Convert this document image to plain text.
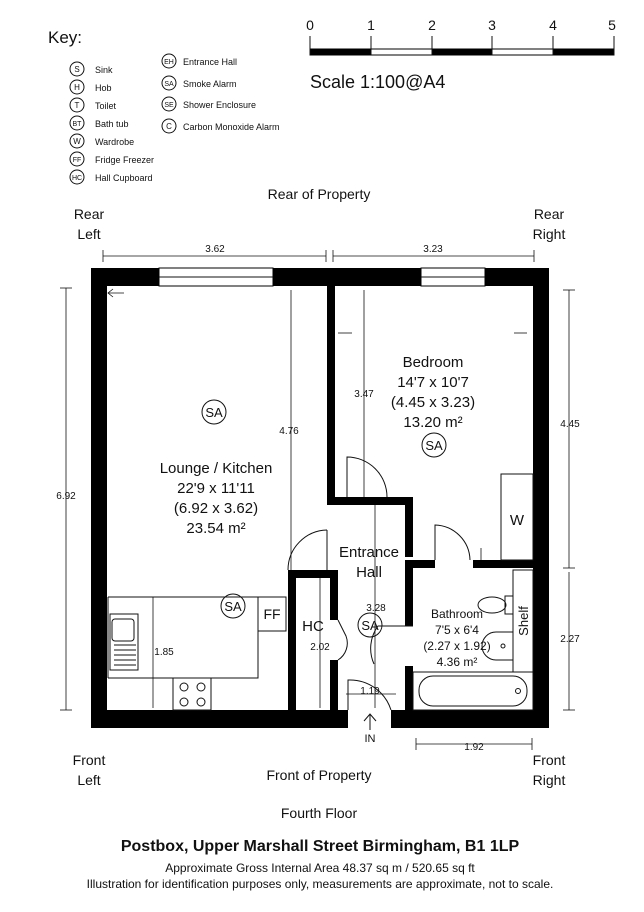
Key:
S Sink
H Hob
T Toilet
BT Bath tub
W Wardrobe
FF Fridge Freezer
HC Hall Cupboard
EH Entrance Hall
SA Smoke Alarm
SE Shower Enclosure
C Carbon Monoxide Alarm
0	1	2	3	4	5
Scale 1:100@A4
Rear of Property
Rear
Left
Rear
Right
Front
Left
Front
Right
Front of Property
3.62	3.23
6.92
4.76
3.47
4.45
2.27
1.85	2.02
3.28
1.19
1.92
FF
W
Shelf
SA
SA
SA
SA
HC
IN
Lounge / Kitchen
22'9 x 11'11
(6.92 x 3.62)
23.54 m²
Bedroom
14'7 x 10'7
(4.45 x 3.23)
13.20 m²
Entrance
Hall
Bathroom
7'5 x 6'4
(2.27 x 1.92)
4.36 m²
Fourth Floor
Postbox, Upper Marshall Street Birmingham, B1 1LP
Approximate Gross Internal Area 48.37 sq m / 520.65 sq ft
Illustration for identification purposes only, measurements are approximate, not to scale.
